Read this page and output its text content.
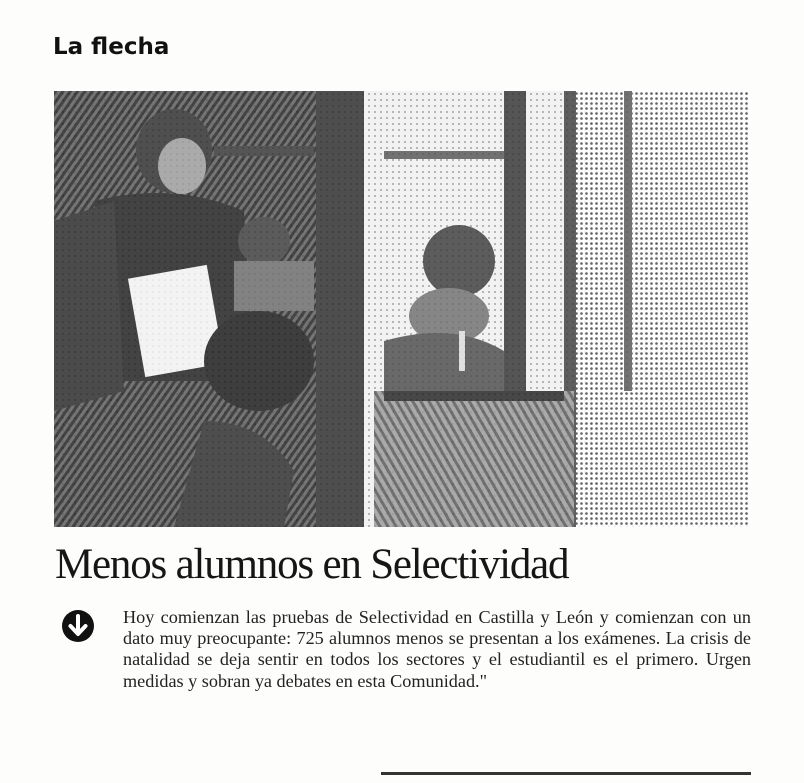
La flecha
Menos alumnos en Selectividad

Hoy comienzan las pruebas de Selectividad en Castilla y León y comienzan con un dato muy preocupante: 725 alumnos menos se presentan a los exámenes. La crisis de natalidad se deja sentir en todos los sectores y el estudiantil es el primero. Urgen medidas y sobran ya debates en esta Comunidad."
